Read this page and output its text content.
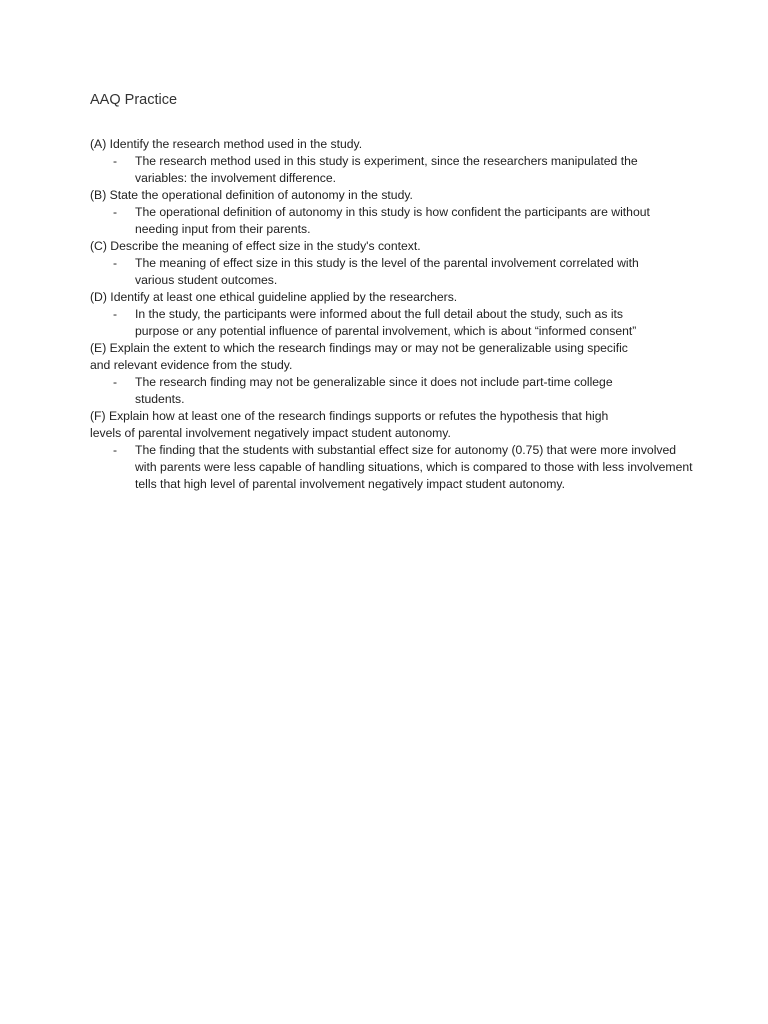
AAQ Practice

(A) Identify the research method used in the study.

- The research method used in this study is experiment, since the researchers manipulated the variables: the involvement difference.

(B) State the operational definition of autonomy in the study.

- The operational definition of autonomy in this study is how confident the participants are without needing input from their parents.

(C) Describe the meaning of effect size in the study's context.

- The meaning of effect size in this study is the level of the parental involvement correlated with various student outcomes.

(D) Identify at least one ethical guideline applied by the researchers.

- In the study, the participants were informed about the full detail about the study, such as its purpose or any potential influence of parental involvement, which is about “informed consent”

(E) Explain the extent to which the research findings may or may not be generalizable using specific and relevant evidence from the study.

- The research finding may not be generalizable since it does not include part-time college students.

(F) Explain how at least one of the research findings supports or refutes the hypothesis that high levels of parental involvement negatively impact student autonomy.

- The finding that the students with substantial effect size for autonomy (0.75) that were more involved with parents were less capable of handling situations, which is compared to those with less involvement tells that high level of parental involvement negatively impact student autonomy.
